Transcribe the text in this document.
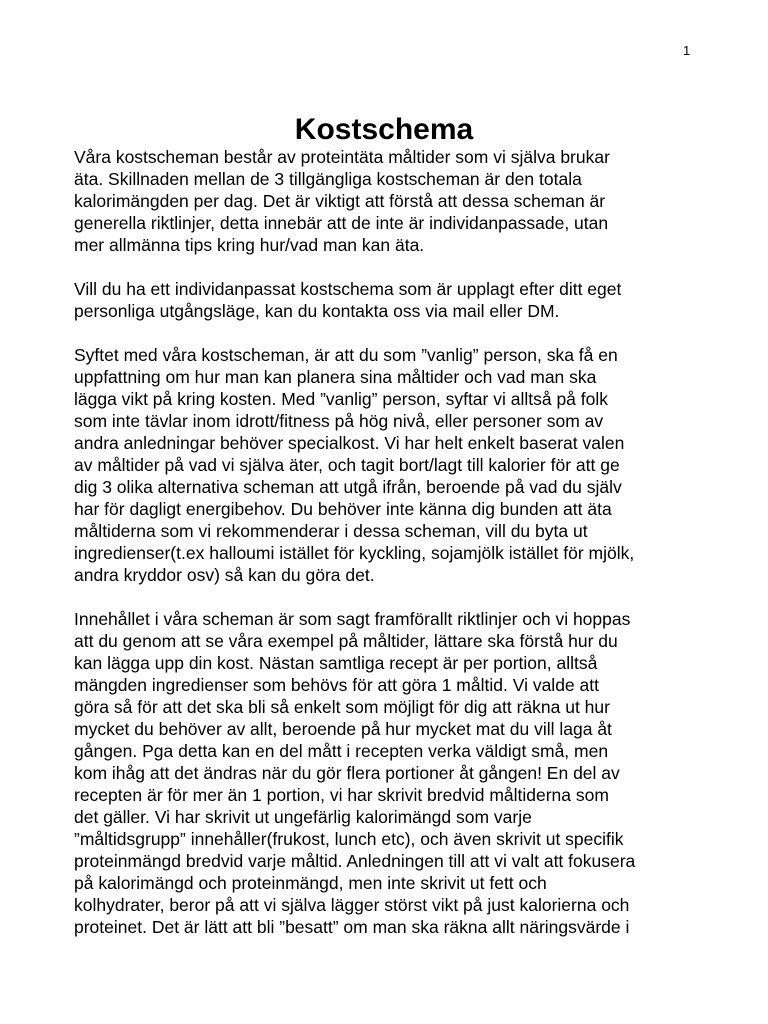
1
Kostschema
Våra kostscheman består av proteintäta måltider som vi själva brukar
äta. Skillnaden mellan de 3 tillgängliga kostscheman är den totala
kalorimängden per dag. Det är viktigt att förstå att dessa scheman är
generella riktlinjer, detta innebär att de inte är individanpassade, utan
mer allmänna tips kring hur/vad man kan äta.
Vill du ha ett individanpassat kostschema som är upplagt efter ditt eget
personliga utgångsläge, kan du kontakta oss via mail eller DM.
Syftet med våra kostscheman, är att du som ”vanlig” person, ska få en
uppfattning om hur man kan planera sina måltider och vad man ska
lägga vikt på kring kosten. Med ”vanlig” person, syftar vi alltså på folk
som inte tävlar inom idrott/fitness på hög nivå, eller personer som av
andra anledningar behöver specialkost. Vi har helt enkelt baserat valen
av måltider på vad vi själva äter, och tagit bort/lagt till kalorier för att ge
dig 3 olika alternativa scheman att utgå ifrån, beroende på vad du själv
har för dagligt energibehov. Du behöver inte känna dig bunden att äta
måltiderna som vi rekommenderar i dessa scheman, vill du byta ut
ingredienser(t.ex halloumi istället för kyckling, sojamjölk istället för mjölk,
andra kryddor osv) så kan du göra det.
Innehållet i våra scheman är som sagt framförallt riktlinjer och vi hoppas
att du genom att se våra exempel på måltider, lättare ska förstå hur du
kan lägga upp din kost. Nästan samtliga recept är per portion, alltså
mängden ingredienser som behövs för att göra 1 måltid. Vi valde att
göra så för att det ska bli så enkelt som möjligt för dig att räkna ut hur
mycket du behöver av allt, beroende på hur mycket mat du vill laga åt
gången. Pga detta kan en del mått i recepten verka väldigt små, men
kom ihåg att det ändras när du gör flera portioner åt gången! En del av
recepten är för mer än 1 portion, vi har skrivit bredvid måltiderna som
det gäller. Vi har skrivit ut ungefärlig kalorimängd som varje
”måltidsgrupp” innehåller(frukost, lunch etc), och även skrivit ut specifik
proteinmängd bredvid varje måltid. Anledningen till att vi valt att fokusera
på kalorimängd och proteinmängd, men inte skrivit ut fett och
kolhydrater, beror på att vi själva lägger störst vikt på just kalorierna och
proteinet. Det är lätt att bli ”besatt” om man ska räkna allt näringsvärde i
